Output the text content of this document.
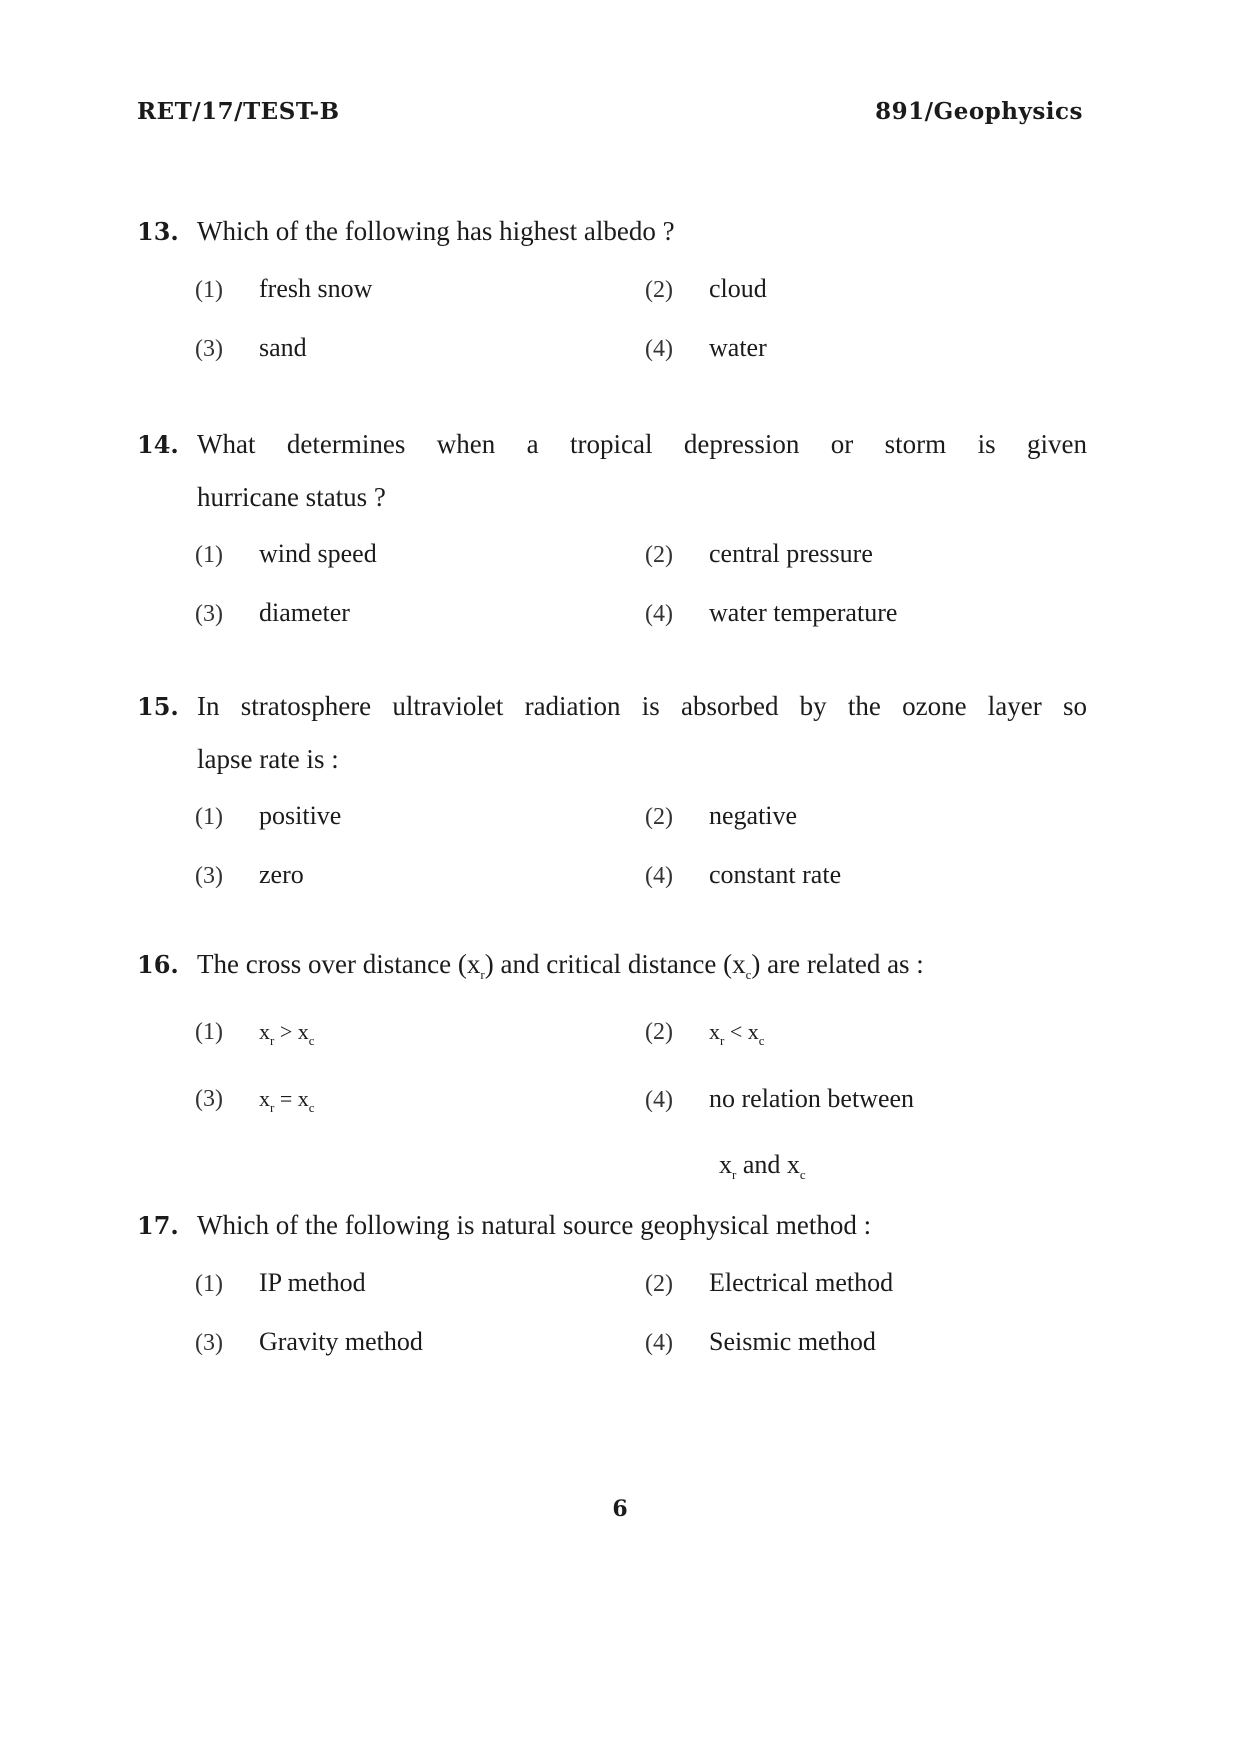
RET/17/TEST-B	891/Geophysics
13. Which of the following has highest albedo ?
(1)	fresh snow	(2)	cloud
(3)	sand	(4)	water
14. What determines when a tropical depression or storm is given
hurricane status ?
(1)	wind speed	(2)	central pressure
(3)	diameter	(4)	water temperature
15. In stratosphere ultraviolet radiation is absorbed by the ozone layer so
lapse rate is :
(1)	positive	(2)	negative
(3)	zero	(4)	constant rate
16. The cross over distance $(x_r)$ and critical distance $(x_c)$ are related as :
(1)	$x_r > x_c$	(2)	$x_r < x_c$
(3)	$x_r = x_c$	(4)	no relation between
$x_r$ and $x_c$
17. Which of the following is natural source geophysical method :
(1)	IP method	(2)	Electrical method
(3)	Gravity method	(4)	Seismic method
6
